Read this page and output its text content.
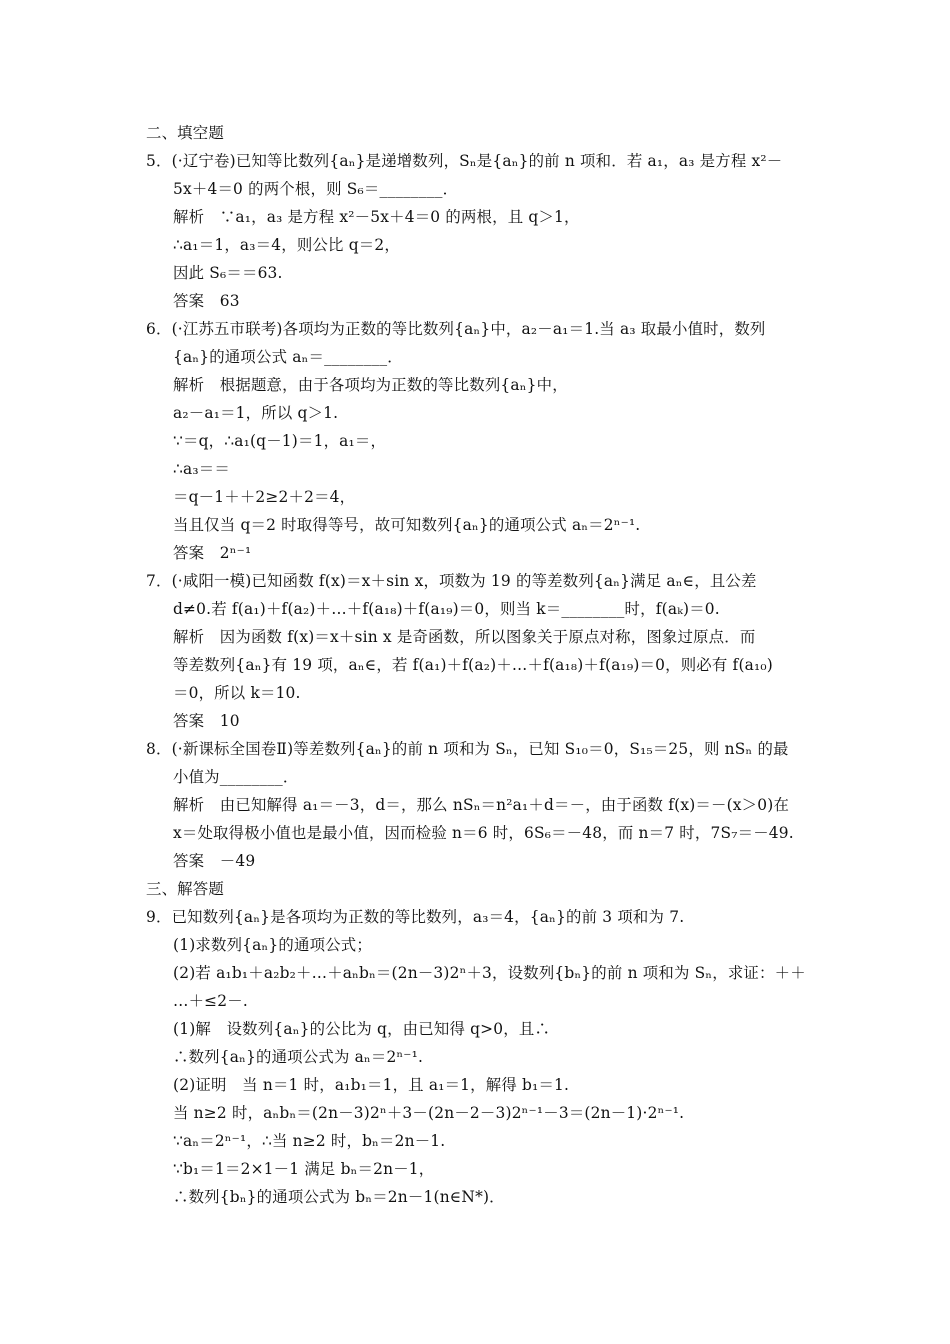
二、填空题
5．(·辽宁卷)已知等比数列{aₙ}是递增数列，Sₙ是{aₙ}的前 n 项和．若 a₁，a₃ 是方程 x²－
5x＋4＝0 的两个根，则 S₆＝________．
解析　∵a₁，a₃ 是方程 x²－5x＋4＝0 的两根，且 q＞1，
∴a₁＝1，a₃＝4，则公比 q＝2，
因此 S₆＝＝63.
答案　63
6．(·江苏五市联考)各项均为正数的等比数列{aₙ}中，a₂－a₁＝1.当 a₃ 取最小值时，数列
{aₙ}的通项公式 aₙ＝________．
解析　根据题意，由于各项均为正数的等比数列{aₙ}中，
a₂－a₁＝1，所以 q＞1.
∵＝q，∴a₁(q－1)＝1，a₁＝，
∴a₃＝＝
＝q－1＋＋2≥2＋2＝4，
当且仅当 q＝2 时取得等号，故可知数列{aₙ}的通项公式 aₙ＝2ⁿ⁻¹.
答案　2ⁿ⁻¹
7．(·咸阳一模)已知函数 f(x)＝x＋sin x，项数为 19 的等差数列{aₙ}满足 aₙ∈，且公差
d≠0.若 f(a₁)＋f(a₂)＋…＋f(a₁₈)＋f(a₁₉)＝0，则当 k＝________时，f(aₖ)＝0.
解析　因为函数 f(x)＝x＋sin x 是奇函数，所以图象关于原点对称，图象过原点．而
等差数列{aₙ}有 19 项，aₙ∈，若 f(a₁)＋f(a₂)＋…＋f(a₁₈)＋f(a₁₉)＝0，则必有 f(a₁₀)
＝0，所以 k＝10.
答案　10
8．(·新课标全国卷Ⅱ)等差数列{aₙ}的前 n 项和为 Sₙ，已知 S₁₀＝0，S₁₅＝25，则 nSₙ 的最
小值为________．
解析　由已知解得 a₁＝－3，d＝，那么 nSₙ＝n²a₁＋d＝－，由于函数 f(x)＝－(x＞0)在
x＝处取得极小值也是最小值，因而检验 n＝6 时，6S₆＝－48，而 n＝7 时，7S₇＝－49.
答案　－49
三、解答题
9．已知数列{aₙ}是各项均为正数的等比数列，a₃＝4，{aₙ}的前 3 项和为 7.
(1)求数列{aₙ}的通项公式；
(2)若 a₁b₁＋a₂b₂＋…＋aₙbₙ＝(2n－3)2ⁿ＋3，设数列{bₙ}的前 n 项和为 Sₙ，求证：＋＋
…＋≤2－.
(1)解　设数列{aₙ}的公比为 q，由已知得 q>0，且∴
∴数列{aₙ}的通项公式为 aₙ＝2ⁿ⁻¹.
(2)证明　当 n＝1 时，a₁b₁＝1，且 a₁＝1，解得 b₁＝1.
当 n≥2 时，aₙbₙ＝(2n－3)2ⁿ＋3－(2n－2－3)2ⁿ⁻¹－3＝(2n－1)·2ⁿ⁻¹.
∵aₙ＝2ⁿ⁻¹，∴当 n≥2 时，bₙ＝2n－1.
∵b₁＝1＝2×1－1 满足 bₙ＝2n－1，
∴数列{bₙ}的通项公式为 bₙ＝2n－1(n∈N*)．
